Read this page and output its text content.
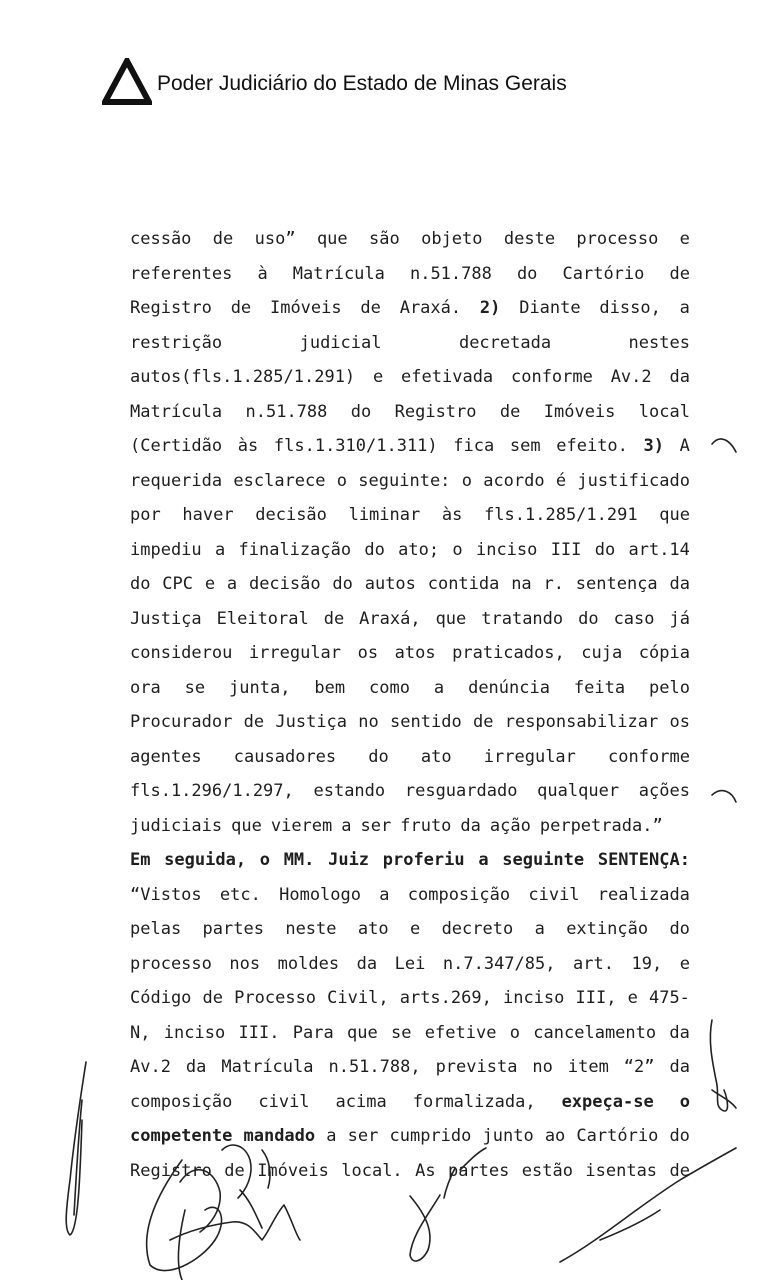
Poder Judiciário do Estado de Minas Gerais
cessão de uso” que são objeto deste processo e
referentes à Matrícula n.51.788 do Cartório de
Registro de Imóveis de Araxá. 2) Diante disso, a
restrição	judicial	decretada	nestes
autos(fls.1.285/1.291) e efetivada conforme Av.2 da
Matrícula n.51.788 do Registro de Imóveis local
(Certidão às fls.1.310/1.311) fica sem efeito. 3) A
requerida esclarece o seguinte: o acordo é justificado
por haver decisão liminar às fls.1.285/1.291 que
impediu a finalização do ato; o inciso III do art.14
do CPC e a decisão do autos contida na r. sentença da
Justiça Eleitoral de Araxá, que tratando do caso já
considerou irregular os atos praticados, cuja cópia
ora se junta, bem como a denúncia feita pelo
Procurador de Justiça no sentido de responsabilizar os
agentes causadores do ato irregular conforme
fls.1.296/1.297, estando resguardado qualquer ações
judiciais que vierem a ser fruto da ação perpetrada.”
Em seguida, o MM. Juiz proferiu a seguinte SENTENÇA:
“Vistos etc. Homologo a composição civil realizada
pelas partes neste ato e decreto a extinção do
processo nos moldes da Lei n.7.347/85, art. 19, e
Código de Processo Civil, arts.269, inciso III, e 475-
N, inciso III. Para que se efetive o cancelamento da
Av.2 da Matrícula n.51.788, prevista no item “2” da
composição civil acima formalizada, expeça-se o
competente mandado a ser cumprido junto ao Cartório do
Registro de Imóveis local. As partes estão isentas de
